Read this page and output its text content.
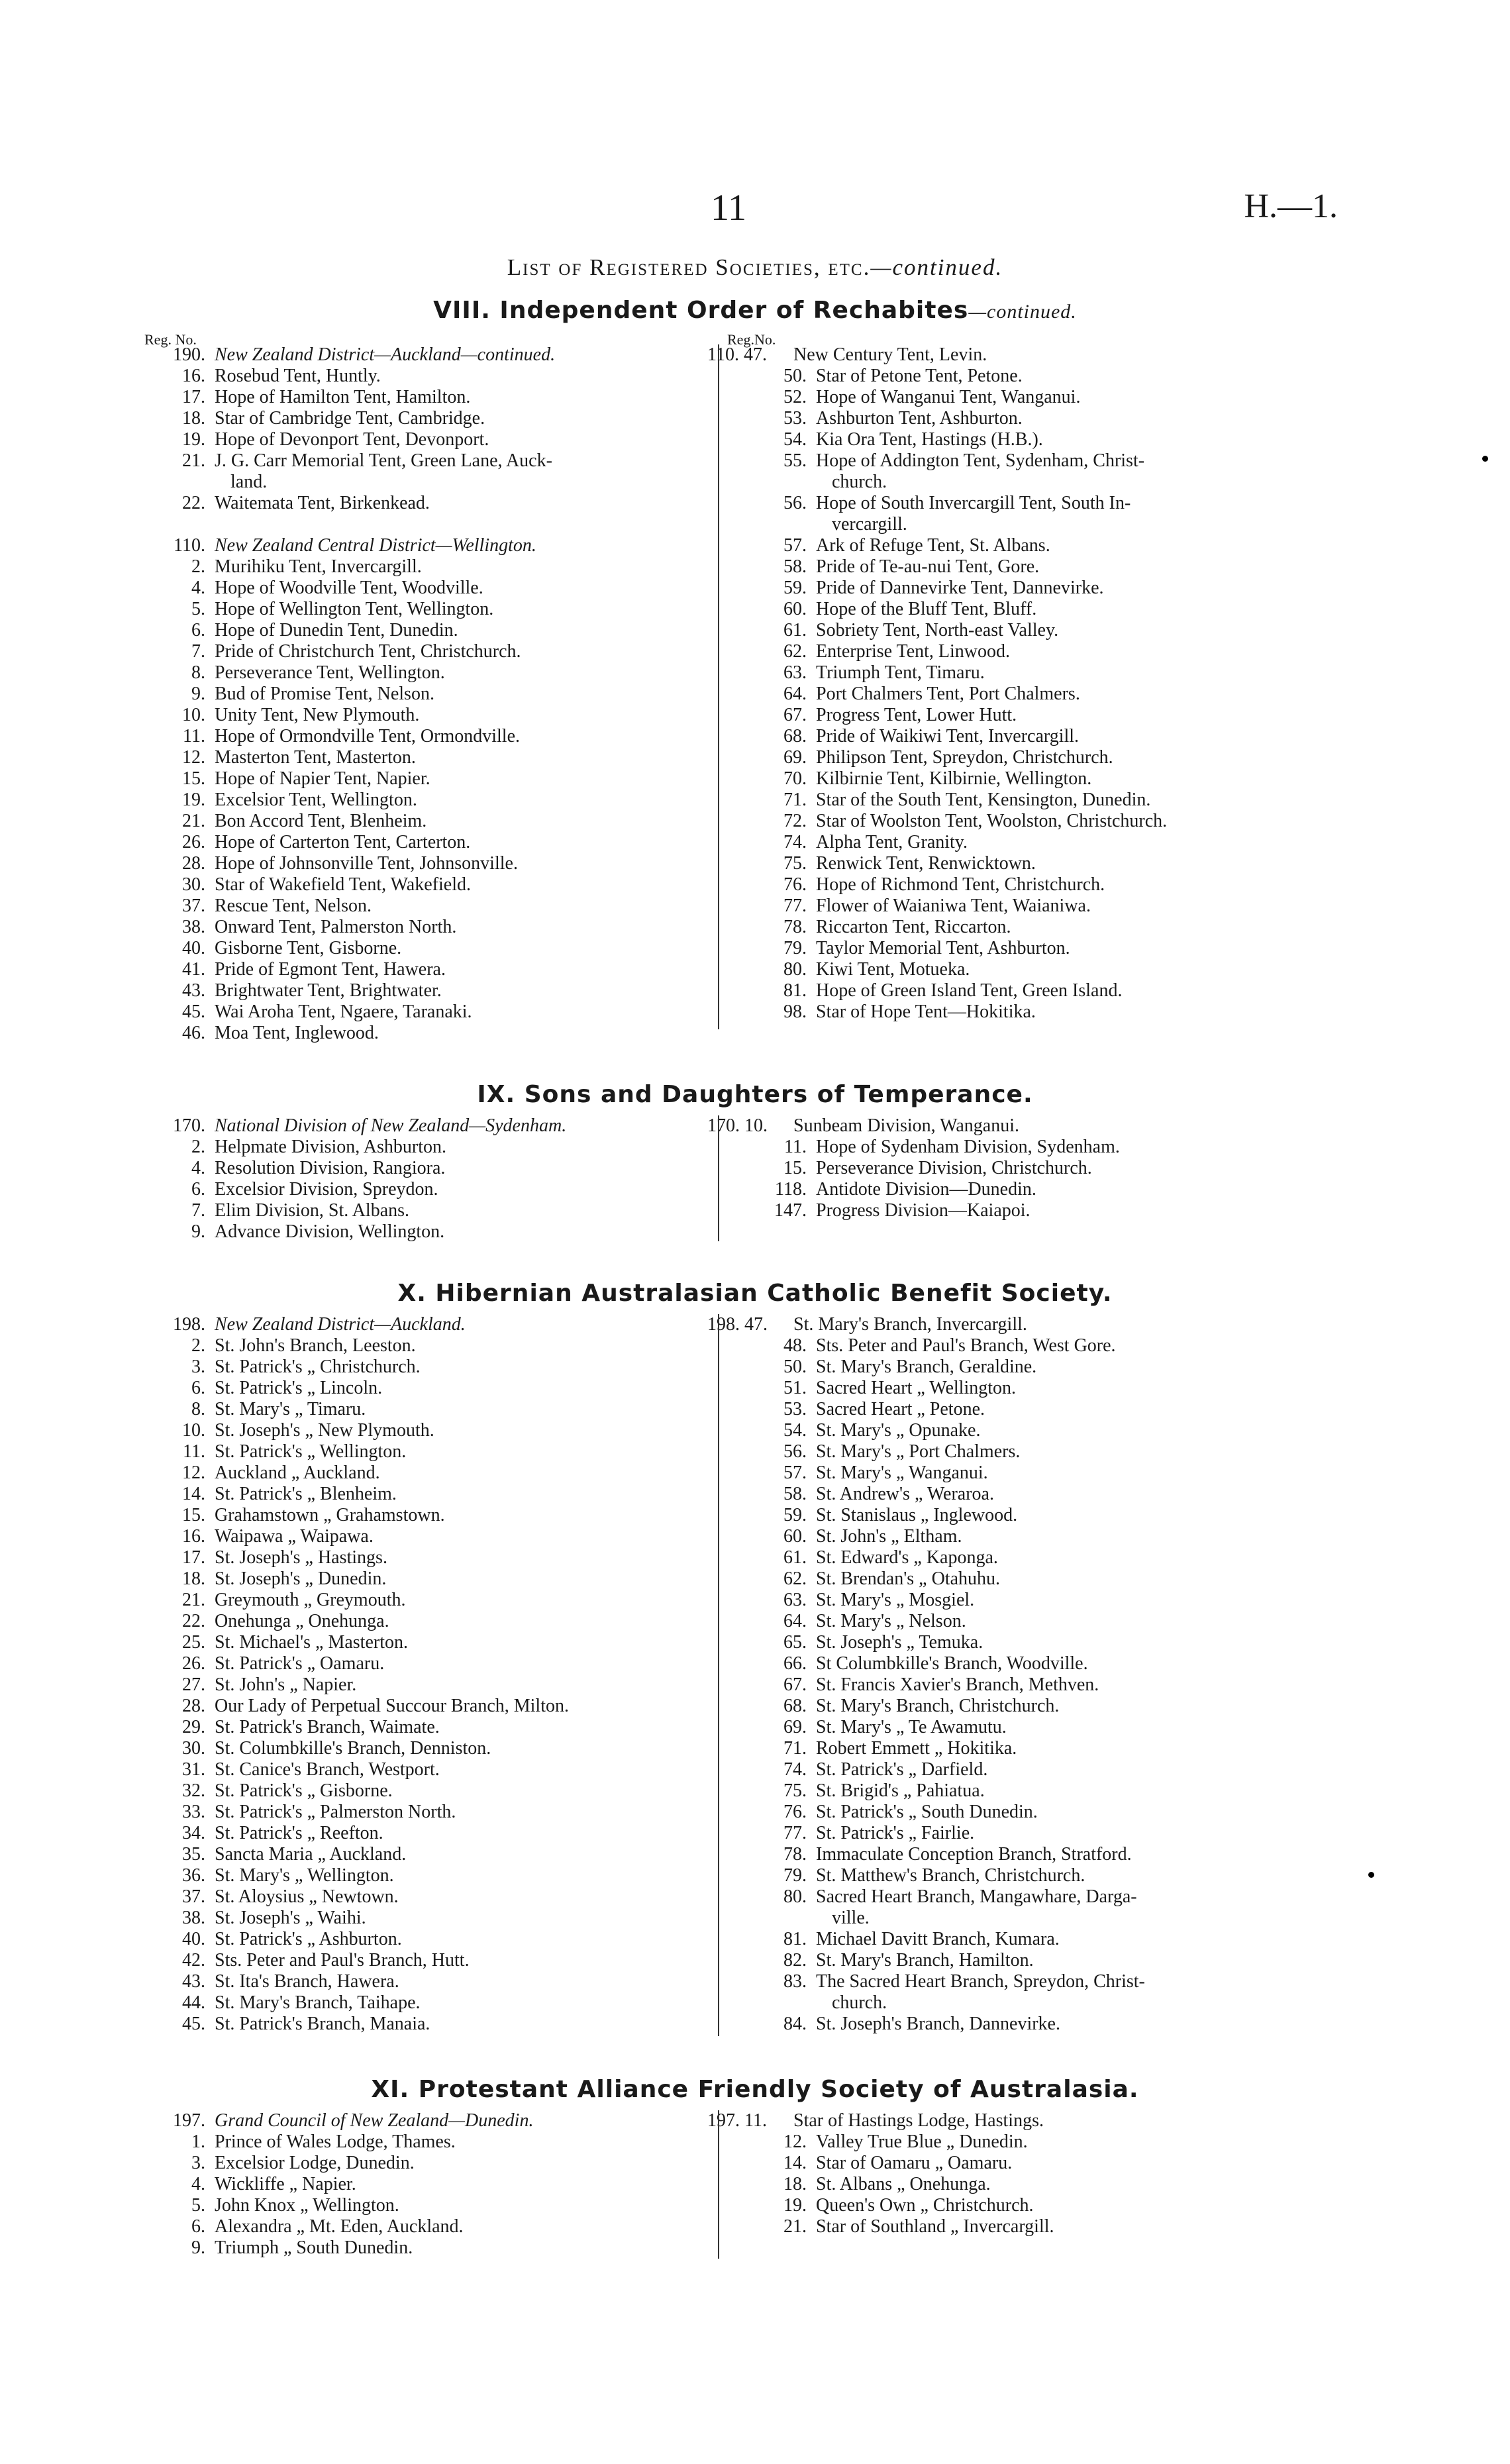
11	H.—1.
List of Registered Societies, etc.—continued.
VIII. Independent Order of Rechabites—continued.
Reg. No.	Reg.No.
190. New Zealand District—Auckland—continued.
16. Rosebud Tent, Huntly.
17. Hope of Hamilton Tent, Hamilton.
18. Star of Cambridge Tent, Cambridge.
19. Hope of Devonport Tent, Devonport.
21. J. G. Carr Memorial Tent, Green Lane, Auck-
land.
22. Waitemata Tent, Birkenkead.
110. New Zealand Central District—Wellington.
2. Murihiku Tent, Invercargill.
4. Hope of Woodville Tent, Woodville.
5. Hope of Wellington Tent, Wellington.
6. Hope of Dunedin Tent, Dunedin.
7. Pride of Christchurch Tent, Christchurch.
8. Perseverance Tent, Wellington.
9. Bud of Promise Tent, Nelson.
10. Unity Tent, New Plymouth.
11. Hope of Ormondville Tent, Ormondville.
12. Masterton Tent, Masterton.
15. Hope of Napier Tent, Napier.
19. Excelsior Tent, Wellington.
21. Bon Accord Tent, Blenheim.
26. Hope of Carterton Tent, Carterton.
28. Hope of Johnsonville Tent, Johnsonville.
30. Star of Wakefield Tent, Wakefield.
37. Rescue Tent, Nelson.
38. Onward Tent, Palmerston North.
40. Gisborne Tent, Gisborne.
41. Pride of Egmont Tent, Hawera.
43. Brightwater Tent, Brightwater.
45. Wai Aroha Tent, Ngaere, Taranaki.
46. Moa Tent, Inglewood.
110. 47.	New Century Tent, Levin.
50. Star of Petone Tent, Petone.
52. Hope of Wanganui Tent, Wanganui.
53. Ashburton Tent, Ashburton.
54. Kia Ora Tent, Hastings (H.B.).
55. Hope of Addington Tent, Sydenham, Christ-
church.
56. Hope of South Invercargill Tent, South In-
vercargill.
57. Ark of Refuge Tent, St. Albans.
58. Pride of Te-au-nui Tent, Gore.
59. Pride of Dannevirke Tent, Dannevirke.
60. Hope of the Bluff Tent, Bluff.
61. Sobriety Tent, North-east Valley.
62. Enterprise Tent, Linwood.
63. Triumph Tent, Timaru.
64. Port Chalmers Tent, Port Chalmers.
67. Progress Tent, Lower Hutt.
68. Pride of Waikiwi Tent, Invercargill.
69. Philipson Tent, Spreydon, Christchurch.
70. Kilbirnie Tent, Kilbirnie, Wellington.
71. Star of the South Tent, Kensington, Dunedin.
72. Star of Woolston Tent, Woolston, Christchurch.
74. Alpha Tent, Granity.
75. Renwick Tent, Renwicktown.
76. Hope of Richmond Tent, Christchurch.
77. Flower of Waianiwa Tent, Waianiwa.
78. Riccarton Tent, Riccarton.
79. Taylor Memorial Tent, Ashburton.
80. Kiwi Tent, Motueka.
81. Hope of Green Island Tent, Green Island.
98. Star of Hope Tent—Hokitika.
IX. Sons and Daughters of Temperance.
170. National Division of New Zealand—Sydenham.
2. Helpmate Division, Ashburton.
4. Resolution Division, Rangiora.
6. Excelsior Division, Spreydon.
7. Elim Division, St. Albans.
9. Advance Division, Wellington.
170. 10.	Sunbeam Division, Wanganui.
11. Hope of Sydenham Division, Sydenham.
15. Perseverance Division, Christchurch.
118. Antidote Division—Dunedin.
147. Progress Division—Kaiapoi.
X. Hibernian Australasian Catholic Benefit Society.
198. New Zealand District—Auckland.
2. St. John's Branch, Leeston.
3. St. Patrick's „ Christchurch.
6. St. Patrick's „ Lincoln.
8. St. Mary's „ Timaru.
10. St. Joseph's „ New Plymouth.
11. St. Patrick's „ Wellington.
12. Auckland „ Auckland.
14. St. Patrick's „ Blenheim.
15. Grahamstown „ Grahamstown.
16. Waipawa „ Waipawa.
17. St. Joseph's „ Hastings.
18. St. Joseph's „ Dunedin.
21. Greymouth „ Greymouth.
22. Onehunga „ Onehunga.
25. St. Michael's „ Masterton.
26. St. Patrick's „ Oamaru.
27. St. John's „ Napier.
28. Our Lady of Perpetual Succour Branch, Milton.
29. St. Patrick's Branch, Waimate.
30. St. Columbkille's Branch, Denniston.
31. St. Canice's Branch, Westport.
32. St. Patrick's „ Gisborne.
33. St. Patrick's „ Palmerston North.
34. St. Patrick's „ Reefton.
35. Sancta Maria „ Auckland.
36. St. Mary's „ Wellington.
37. St. Aloysius „ Newtown.
38. St. Joseph's „ Waihi.
40. St. Patrick's „ Ashburton.
42. Sts. Peter and Paul's Branch, Hutt.
43. St. Ita's Branch, Hawera.
44. St. Mary's Branch, Taihape.
45. St. Patrick's Branch, Manaia.
198. 47.	St. Mary's Branch, Invercargill.
48. Sts. Peter and Paul's Branch, West Gore.
50. St. Mary's Branch, Geraldine.
51. Sacred Heart „ Wellington.
53. Sacred Heart „ Petone.
54. St. Mary's „ Opunake.
56. St. Mary's „ Port Chalmers.
57. St. Mary's „ Wanganui.
58. St. Andrew's „ Weraroa.
59. St. Stanislaus „ Inglewood.
60. St. John's „ Eltham.
61. St. Edward's „ Kaponga.
62. St. Brendan's „ Otahuhu.
63. St. Mary's „ Mosgiel.
64. St. Mary's „ Nelson.
65. St. Joseph's „ Temuka.
66. St Columbkille's Branch, Woodville.
67. St. Francis Xavier's Branch, Methven.
68. St. Mary's Branch, Christchurch.
69. St. Mary's „ Te Awamutu.
71. Robert Emmett „ Hokitika.
74. St. Patrick's „ Darfield.
75. St. Brigid's „ Pahiatua.
76. St. Patrick's „ South Dunedin.
77. St. Patrick's „ Fairlie.
78. Immaculate Conception Branch, Stratford.
79. St. Matthew's Branch, Christchurch.
80. Sacred Heart Branch, Mangawhare, Darga-
ville.
81. Michael Davitt Branch, Kumara.
82. St. Mary's Branch, Hamilton.
83. The Sacred Heart Branch, Spreydon, Christ-
church.
84. St. Joseph's Branch, Dannevirke.
XI. Protestant Alliance Friendly Society of Australasia.
197. Grand Council of New Zealand—Dunedin.
1. Prince of Wales Lodge, Thames.
3. Excelsior Lodge, Dunedin.
4. Wickliffe „ Napier.
5. John Knox „ Wellington.
6. Alexandra „ Mt. Eden, Auckland.
9. Triumph „ South Dunedin.
197. 11.	Star of Hastings Lodge, Hastings.
12. Valley True Blue „ Dunedin.
14. Star of Oamaru „ Oamaru.
18. St. Albans „ Onehunga.
19. Queen's Own „ Christchurch.
21. Star of Southland „ Invercargill.
